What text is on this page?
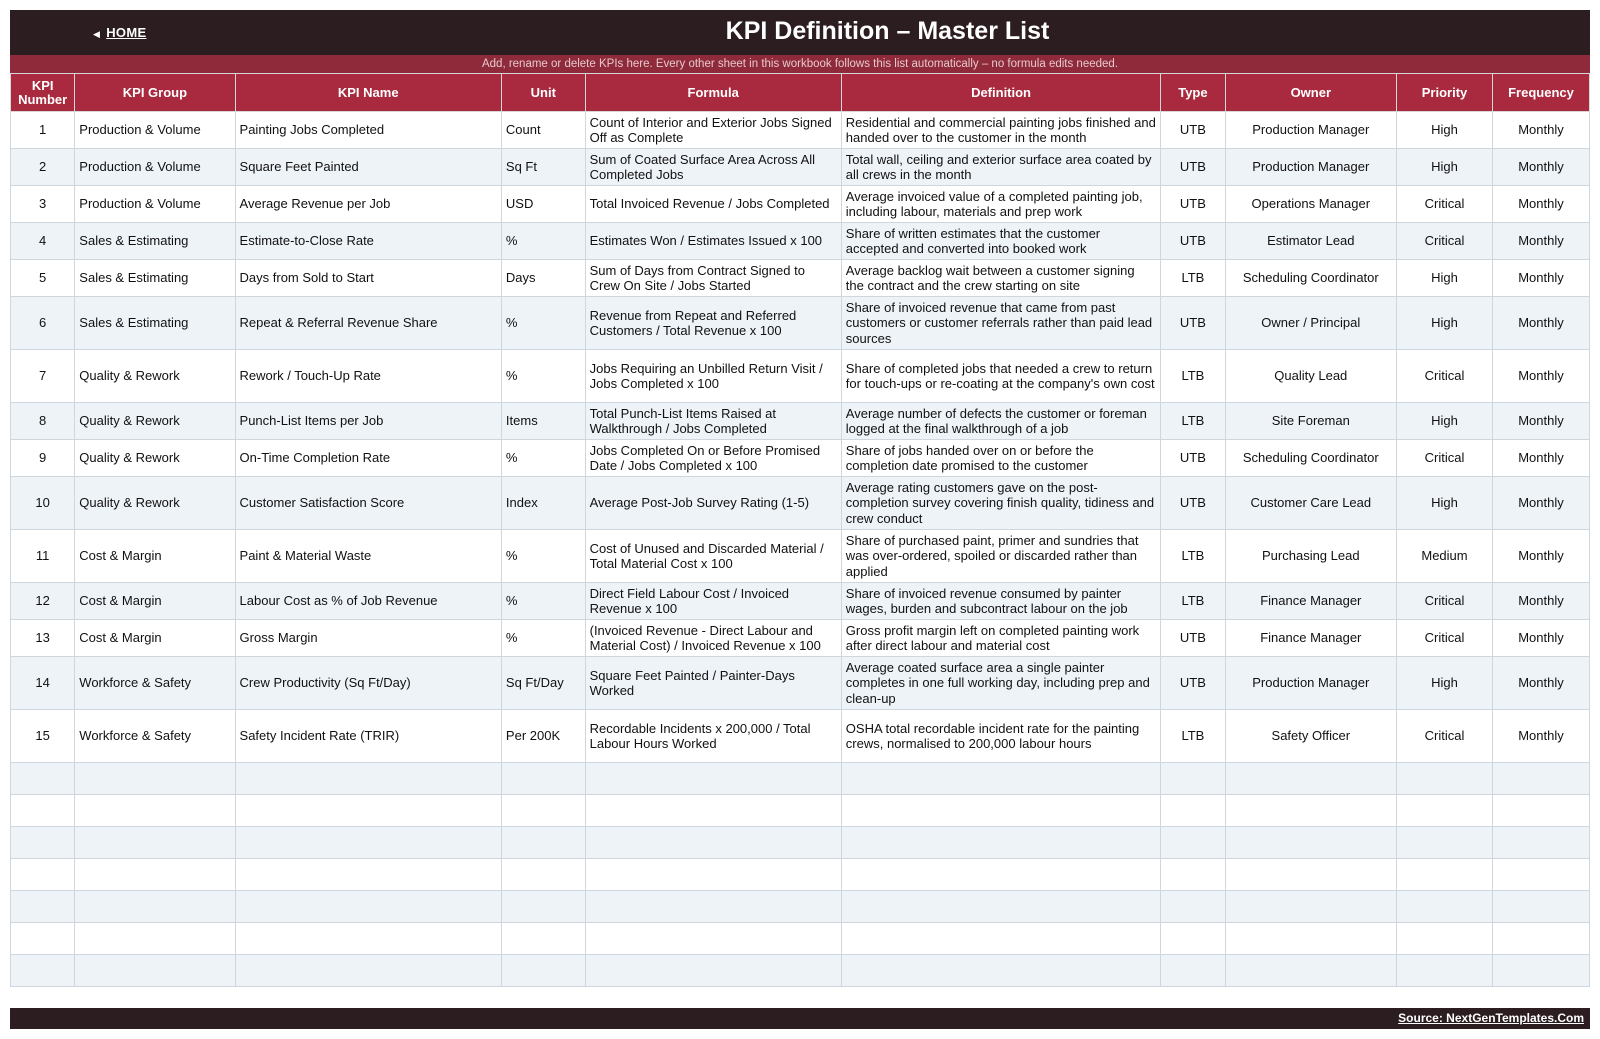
◀ HOME	KPI Definition – Master List
Add, rename or delete KPIs here. Every other sheet in this workbook follows this list automatically – no formula edits needed.
KPI Number	KPI Group	KPI Name	Unit	Formula	Definition	Type	Owner	Priority	Frequency
1	Production & Volume	Painting Jobs Completed	Count	Count of Interior and Exterior Jobs Signed Off as Complete	Residential and commercial painting jobs finished and handed over to the customer in the month	UTB	Production Manager	High	Monthly
2	Production & Volume	Square Feet Painted	Sq Ft	Sum of Coated Surface Area Across All Completed Jobs	Total wall, ceiling and exterior surface area coated by all crews in the month	UTB	Production Manager	High	Monthly
3	Production & Volume	Average Revenue per Job	USD	Total Invoiced Revenue / Jobs Completed	Average invoiced value of a completed painting job, including labour, materials and prep work	UTB	Operations Manager	Critical	Monthly
4	Sales & Estimating	Estimate-to-Close Rate	%	Estimates Won / Estimates Issued x 100	Share of written estimates that the customer accepted and converted into booked work	UTB	Estimator Lead	Critical	Monthly
5	Sales & Estimating	Days from Sold to Start	Days	Sum of Days from Contract Signed to Crew On Site / Jobs Started	Average backlog wait between a customer signing the contract and the crew starting on site	LTB	Scheduling Coordinator	High	Monthly
6	Sales & Estimating	Repeat & Referral Revenue Share	%	Revenue from Repeat and Referred Customers / Total Revenue x 100	Share of invoiced revenue that came from past customers or customer referrals rather than paid lead sources	UTB	Owner / Principal	High	Monthly
7	Quality & Rework	Rework / Touch-Up Rate	%	Jobs Requiring an Unbilled Return Visit / Jobs Completed x 100	Share of completed jobs that needed a crew to return for touch-ups or re-coating at the company's own cost	LTB	Quality Lead	Critical	Monthly
8	Quality & Rework	Punch-List Items per Job	Items	Total Punch-List Items Raised at Walkthrough / Jobs Completed	Average number of defects the customer or foreman logged at the final walkthrough of a job	LTB	Site Foreman	High	Monthly
9	Quality & Rework	On-Time Completion Rate	%	Jobs Completed On or Before Promised Date / Jobs Completed x 100	Share of jobs handed over on or before the completion date promised to the customer	UTB	Scheduling Coordinator	Critical	Monthly
10	Quality & Rework	Customer Satisfaction Score	Index	Average Post-Job Survey Rating (1-5)	Average rating customers gave on the post-completion survey covering finish quality, tidiness and crew conduct	UTB	Customer Care Lead	High	Monthly
11	Cost & Margin	Paint & Material Waste	%	Cost of Unused and Discarded Material / Total Material Cost x 100	Share of purchased paint, primer and sundries that was over-ordered, spoiled or discarded rather than applied	LTB	Purchasing Lead	Medium	Monthly
12	Cost & Margin	Labour Cost as % of Job Revenue	%	Direct Field Labour Cost / Invoiced Revenue x 100	Share of invoiced revenue consumed by painter wages, burden and subcontract labour on the job	LTB	Finance Manager	Critical	Monthly
13	Cost & Margin	Gross Margin	%	(Invoiced Revenue - Direct Labour and Material Cost) / Invoiced Revenue x 100	Gross profit margin left on completed painting work after direct labour and material cost	UTB	Finance Manager	Critical	Monthly
14	Workforce & Safety	Crew Productivity (Sq Ft/Day)	Sq Ft/Day	Square Feet Painted / Painter-Days Worked	Average coated surface area a single painter completes in one full working day, including prep and clean-up	UTB	Production Manager	High	Monthly
15	Workforce & Safety	Safety Incident Rate (TRIR)	Per 200K	Recordable Incidents x 200,000 / Total Labour Hours Worked	OSHA total recordable incident rate for the painting crews, normalised to 200,000 labour hours	LTB	Safety Officer	Critical	Monthly

Source: NextGenTemplates.Com
